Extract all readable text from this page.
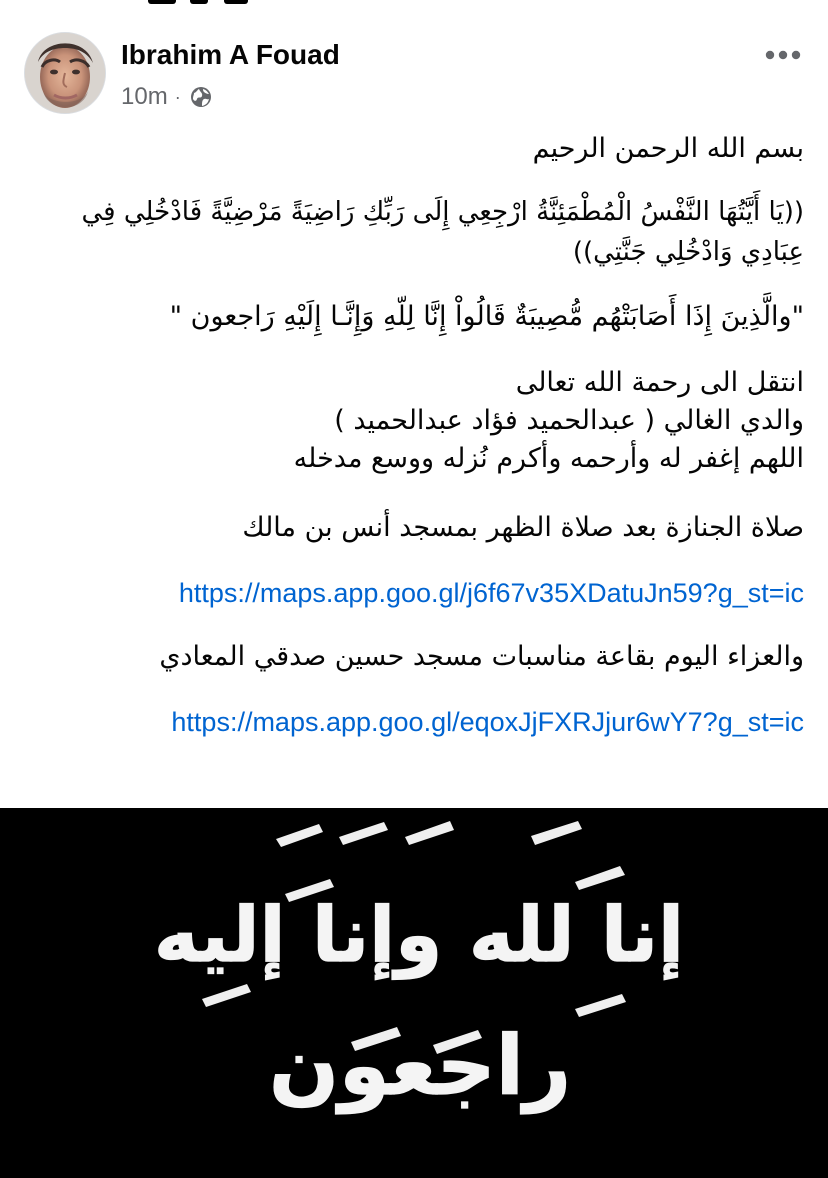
Ibrahim A Fouad
10m ·

بسم الله الرحمن الرحيم

((يَا أَيَّتُهَا النَّفْسُ الْمُطْمَئِنَّةُ ارْجِعِي إِلَى رَبِّكِ رَاضِيَةً مَرْضِيَّةً فَادْخُلِي فِي
عِبَادِي وَادْخُلِي جَنَّتِي))

"والَّذِينَ إِذَا أَصَابَتْهُم مُّصِيبَةٌ قَالُواْ إِنَّا لِلّهِ وَإِنَّـا إِلَيْهِ رَاجعون "

انتقل الى رحمة الله تعالى
والدي الغالي ( عبدالحميد فؤاد عبدالحميد )
اللهم إغفر له وأرحمه وأكرم نُزله ووسع مدخله

صلاة الجنازة بعد صلاة الظهر بمسجد أنس بن مالك

https://maps.app.goo.gl/j6f67v35XDatuJn59?g_st=ic

والعزاء اليوم بقاعة مناسبات مسجد حسين صدقي المعادي

https://maps.app.goo.gl/eqoxJjFXRJjur6wY7?g_st=ic
إنا لله وإنا إليه
راجعون
